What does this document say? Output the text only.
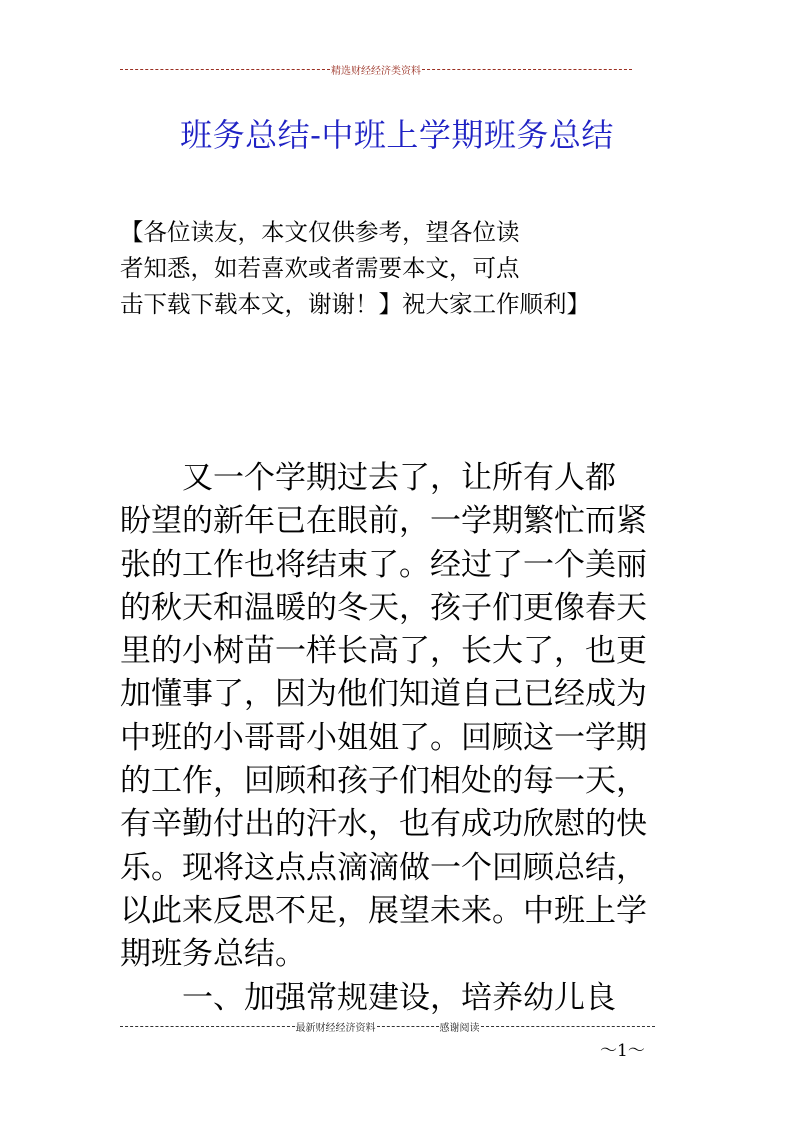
精选财经经济类资料
班务总结-中班上学期班务总结
【各位读友，本文仅供参考，望各位读
者知悉，如若喜欢或者需要本文，可点
击下载下载本文，谢谢！】祝大家工作顺利】
　　又一个学期过去了，让所有人都
盼望的新年已在眼前，一学期繁忙而紧
张的工作也将结束了。经过了一个美丽
的秋天和温暖的冬天，孩子们更像春天
里的小树苗一样长高了，长大了，也更
加懂事了，因为他们知道自己已经成为
中班的小哥哥小姐姐了。回顾这一学期
的工作，回顾和孩子们相处的每一天，
有辛勤付出的汗水，也有成功欣慰的快
乐。现将这点点滴滴做一个回顾总结，
以此来反思不足，展望未来。中班上学
期班务总结。
　　一、加强常规建设，培养幼儿良
最新财经经济资料	感谢阅读
～1～
